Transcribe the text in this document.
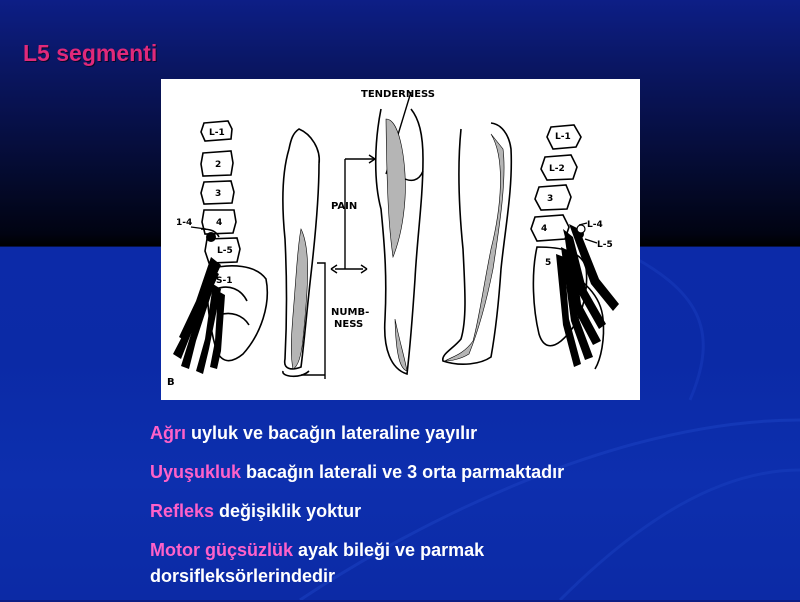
L5 segmenti
L-1
2
3
1-4	4
L-5
S-1
PAIN
NUMB-
NESS
TENDERNESS
L-1
L-2
3
4	L-4
L-5
5
B
Ağrı uyluk ve bacağın lateraline yayılır
Uyuşukluk bacağın laterali ve 3 orta parmaktadır
Refleks değişiklik yoktur
Motor güçsüzlük ayak bileği ve parmak dorsifleksörlerindedir
